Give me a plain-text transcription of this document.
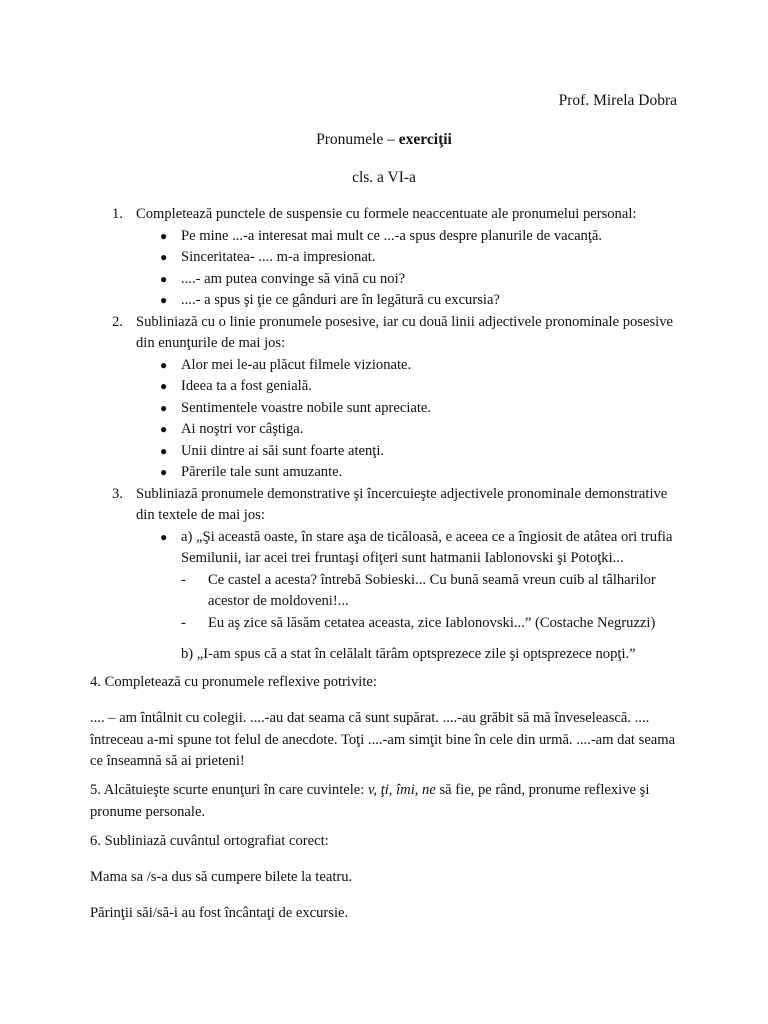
Prof. Mirela Dobra
Pronumele – exerciţii
cls. a VI-a
1. Completează punctele de suspensie cu formele neaccentuate ale pronumelui personal:
● Pe mine ...-a interesat mai mult ce ...-a spus despre planurile de vacanţă.
● Sinceritatea- .... m-a impresionat.
● ....- am putea convinge să vină cu noi?
● ....- a spus şi ţie ce gânduri are în legătură cu excursia?
2. Subliniază cu o linie pronumele posesive, iar cu două linii adjectivele pronominale posesive din enunţurile de mai jos:
● Alor mei le-au plăcut filmele vizionate.
● Ideea ta a fost genială.
● Sentimentele voastre nobile sunt apreciate.
● Ai noştri vor câştiga.
● Unii dintre ai săi sunt foarte atenţi.
● Părerile tale sunt amuzante.
3. Subliniază pronumele demonstrative şi încercuieşte adjectivele pronominale demonstrative din textele de mai jos:
● a) „Şi această oaste, în stare aşa de ticăloasă, e aceea ce a îngiosit de atâtea ori trufia Semilunii, iar acei trei fruntaşi ofiţeri sunt hatmanii Iablonovski şi Potoţki...
- Ce castel a acesta? întrebă Sobieski... Cu bună seamă vreun cuib al tâlharilor acestor de moldoveni!...
- Eu aş zice să lăsăm cetatea aceasta, zice Iablonovski...” (Costache Negruzzi)
b) „I-am spus că a stat în celălalt tărâm optsprezece zile şi optsprezece nopţi.”

4. Completează cu pronumele reflexive potrivite:

.... – am întâlnit cu colegii. ....-au dat seama că sunt supărat. ....-au grăbit să mă înveselească. .... întreceau a-mi spune tot felul de anecdote. Toţi ....-am simţit bine în cele din urmă. ....-am dat seama ce înseamnă să ai prieteni!

5. Alcătuieşte scurte enunţuri în care cuvintele: v, ţi, îmi, ne să fie, pe rând, pronume reflexive şi pronume personale.

6. Subliniază cuvântul ortografiat corect:

Mama sa /s-a dus să cumpere bilete la teatru.

Părinţii săi/să-i au fost încântaţi de excursie.
